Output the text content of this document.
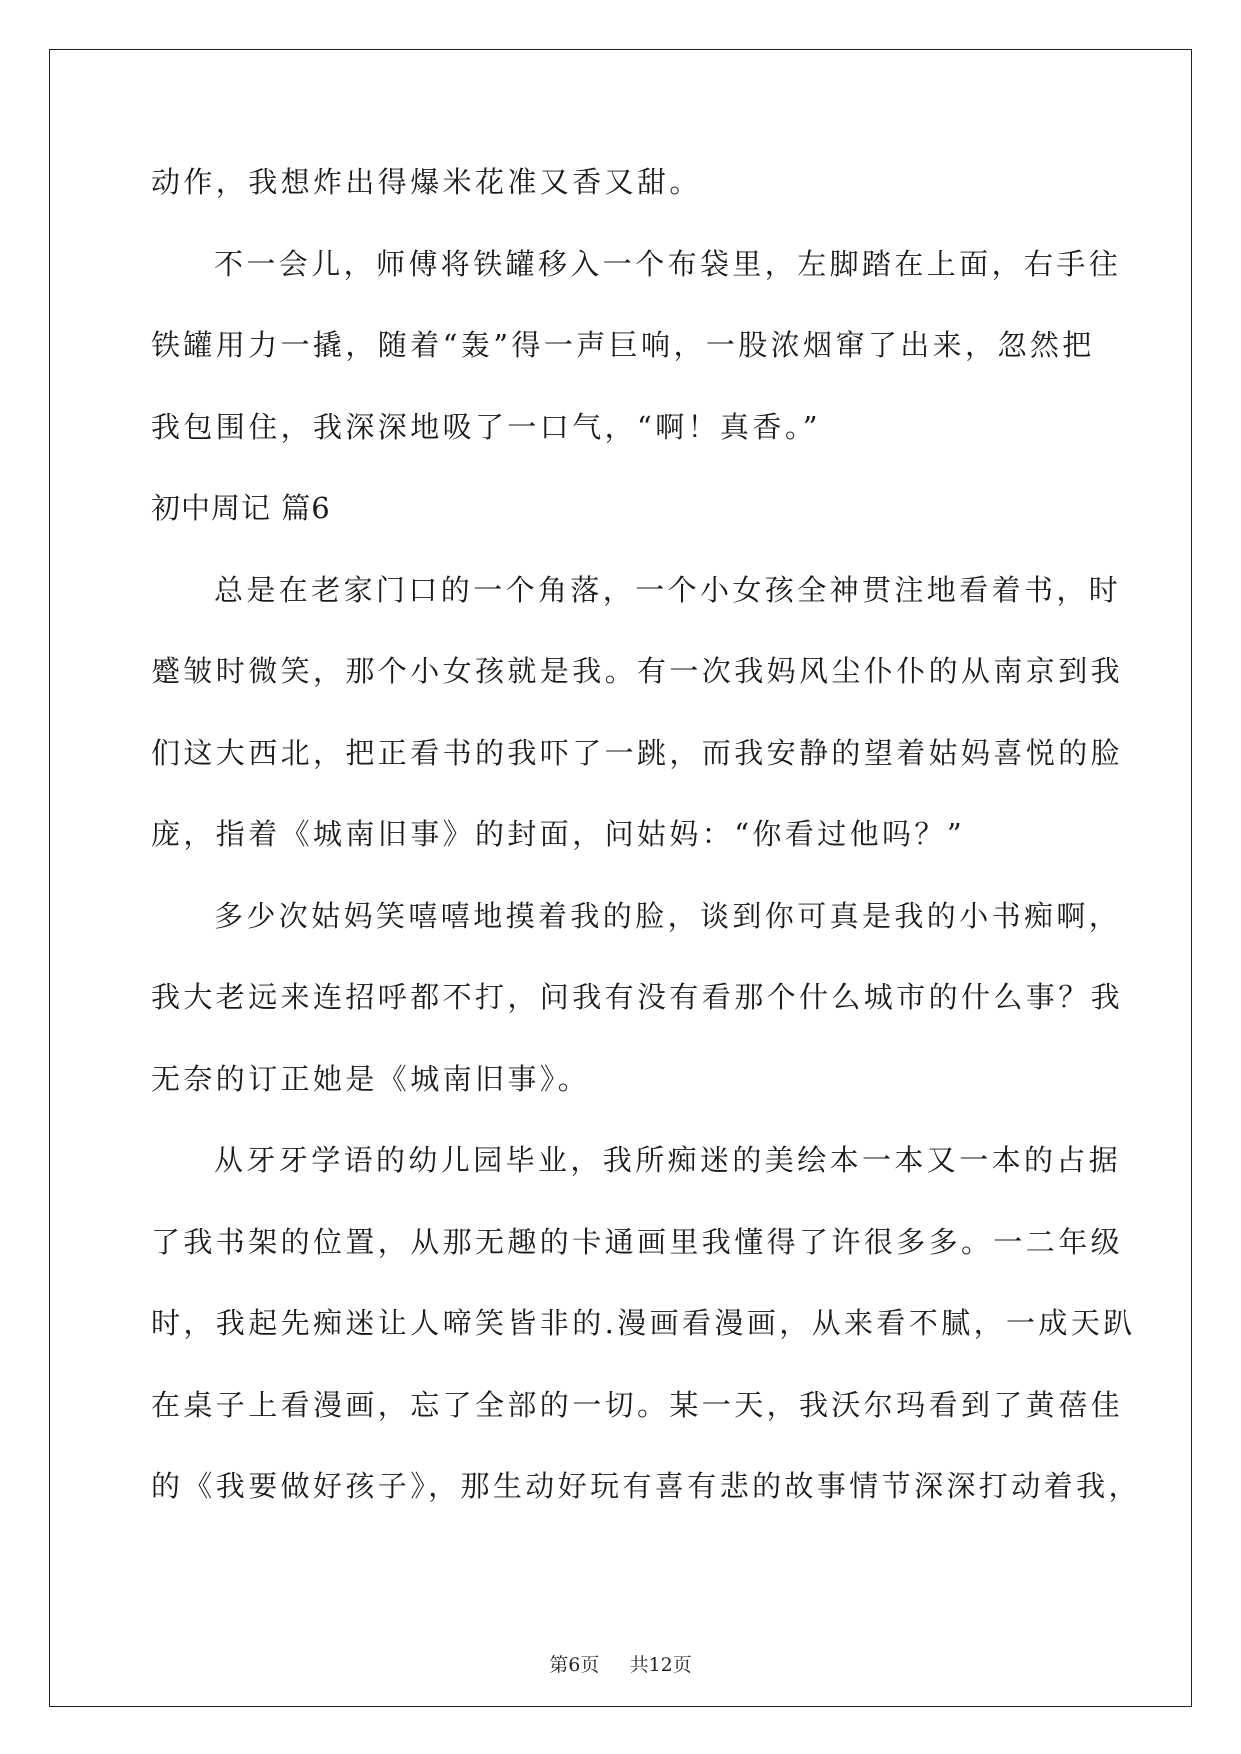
动作，我想炸出得爆米花准又香又甜。
不一会儿，师傅将铁罐移入一个布袋里，左脚踏在上面，右手往
铁罐用力一撬，随着“轰”得一声巨响，一股浓烟窜了出来，忽然把
我包围住，我深深地吸了一口气，“啊！真香。”
初中周记 篇6
总是在老家门口的一个角落，一个小女孩全神贯注地看着书，时
蹙皱时微笑，那个小女孩就是我。有一次我妈风尘仆仆的从南京到我
们这大西北，把正看书的我吓了一跳，而我安静的望着姑妈喜悦的脸
庞，指着《城南旧事》的封面，问姑妈：“你看过他吗？”
多少次姑妈笑嘻嘻地摸着我的脸，谈到你可真是我的小书痴啊，
我大老远来连招呼都不打，问我有没有看那个什么城市的什么事？我
无奈的订正她是《城南旧事》。
从牙牙学语的幼儿园毕业，我所痴迷的美绘本一本又一本的占据
了我书架的位置，从那无趣的卡通画里我懂得了许很多多。一二年级
时，我起先痴迷让人啼笑皆非的.漫画看漫画，从来看不腻，一成天趴
在桌子上看漫画，忘了全部的一切。某一天，我沃尔玛看到了黄蓓佳
的《我要做好孩子》，那生动好玩有喜有悲的故事情节深深打动着我，
第6页 共12页
